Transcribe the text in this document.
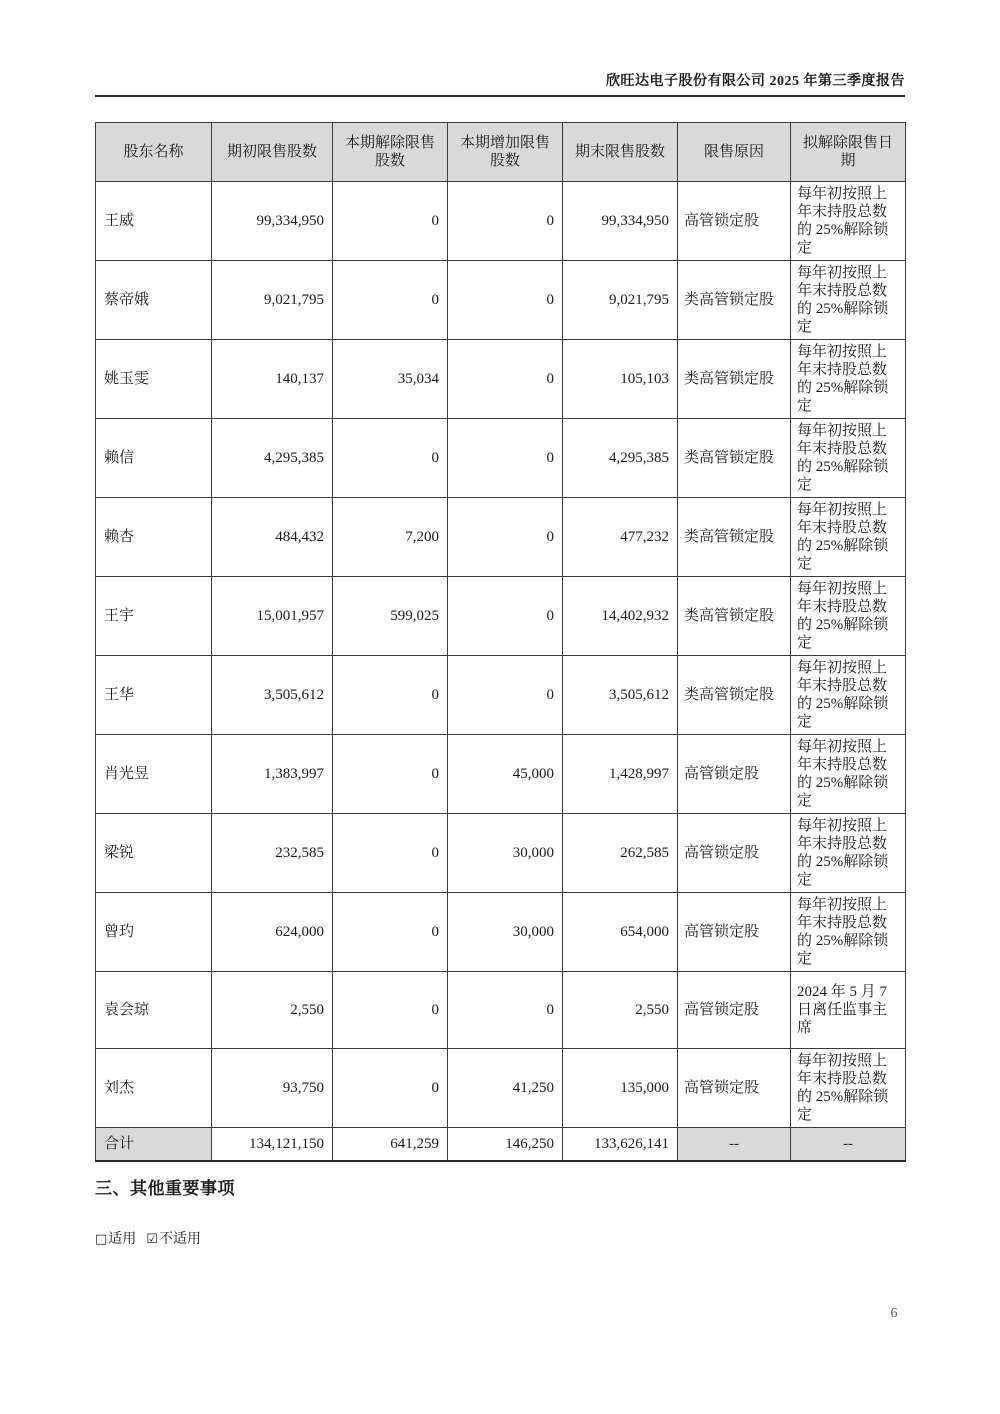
欣旺达电子股份有限公司 2025 年第三季度报告
股东名称	期初限售股数	本期解除限售股数	本期增加限售股数	期末限售股数	限售原因	拟解除限售日期
王威	99,334,950	0	0	99,334,950	高管锁定股	每年初按照上年末持股总数的 25%解除锁定
蔡帝娥	9,021,795	0	0	9,021,795	类高管锁定股	每年初按照上年末持股总数的 25%解除锁定
姚玉雯	140,137	35,034	0	105,103	类高管锁定股	每年初按照上年末持股总数的 25%解除锁定
赖信	4,295,385	0	0	4,295,385	类高管锁定股	每年初按照上年末持股总数的 25%解除锁定
赖杏	484,432	7,200	0	477,232	类高管锁定股	每年初按照上年末持股总数的 25%解除锁定
王宇	15,001,957	599,025	0	14,402,932	类高管锁定股	每年初按照上年末持股总数的 25%解除锁定
王华	3,505,612	0	0	3,505,612	类高管锁定股	每年初按照上年末持股总数的 25%解除锁定
肖光昱	1,383,997	0	45,000	1,428,997	高管锁定股	每年初按照上年末持股总数的 25%解除锁定
梁锐	232,585	0	30,000	262,585	高管锁定股	每年初按照上年末持股总数的 25%解除锁定
曾玓	624,000	0	30,000	654,000	高管锁定股	每年初按照上年末持股总数的 25%解除锁定
袁会琼	2,550	0	0	2,550	高管锁定股	2024 年 5 月 7 日离任监事主席
刘杰	93,750	0	41,250	135,000	高管锁定股	每年初按照上年末持股总数的 25%解除锁定
合计	134,121,150	641,259	146,250	133,626,141	--	--
三、其他重要事项
□适用 ☑不适用
6
